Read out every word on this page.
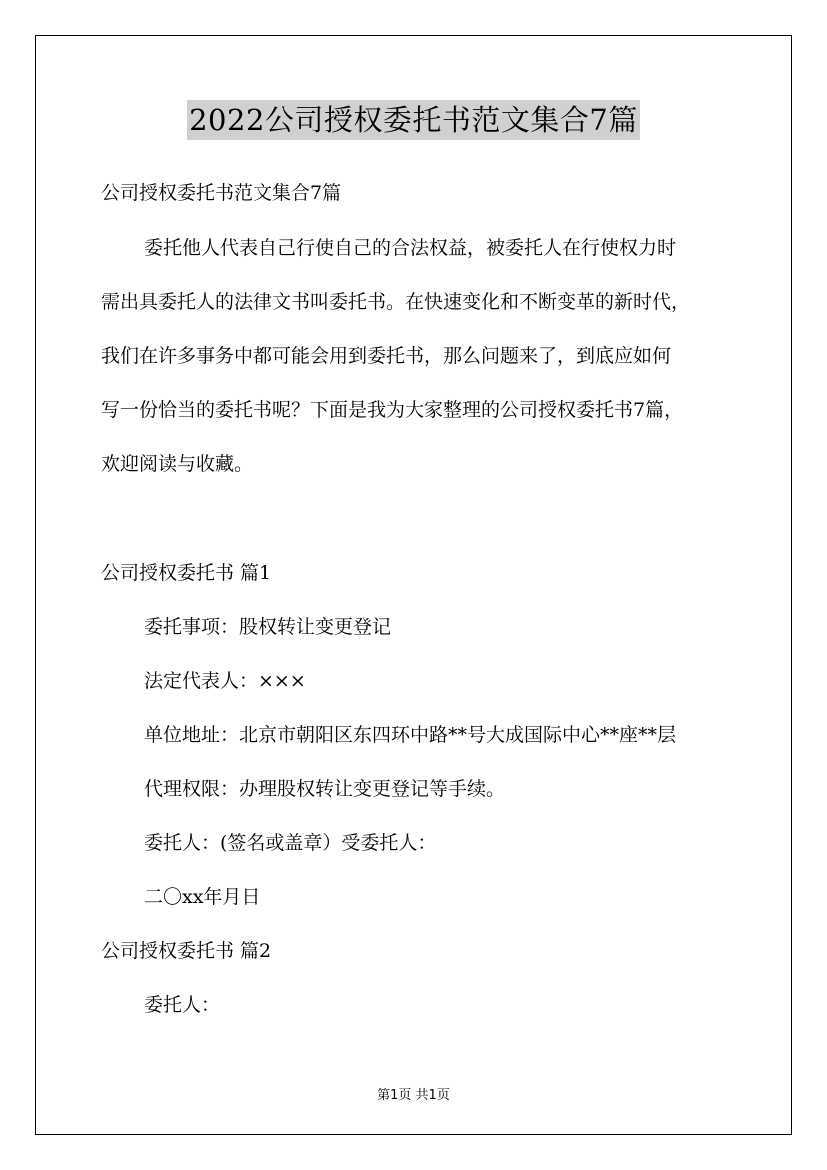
2022公司授权委托书范文集合7篇
公司授权委托书范文集合7篇
委托他人代表自己行使自己的合法权益，被委托人在行使权力时
需出具委托人的法律文书叫委托书。在快速变化和不断变革的新时代，
我们在许多事务中都可能会用到委托书，那么问题来了，到底应如何
写一份恰当的委托书呢？下面是我为大家整理的公司授权委托书7篇，
欢迎阅读与收藏。
公司授权委托书 篇1
委托事项：股权转让变更登记
法定代表人：×××
单位地址：北京市朝阳区东四环中路**号大成国际中心**座**层
代理权限：办理股权转让变更登记等手续。
委托人：(签名或盖章）受委托人：
二〇xx年月日
公司授权委托书 篇2
委托人：
第1页 共1页
